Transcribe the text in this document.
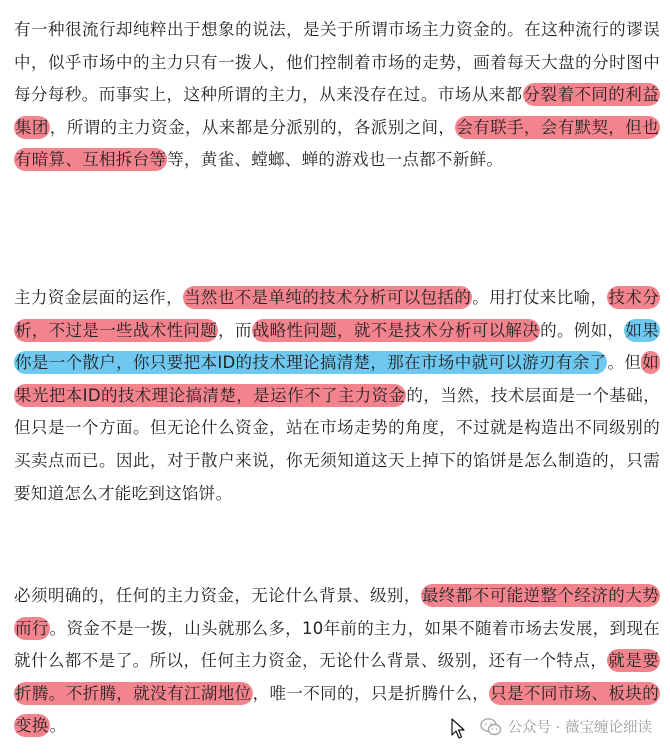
有一种很流行却纯粹出于想象的说法，是关于所谓市场主力资金的。在这种流行的谬误中，似乎市场中的主力只有一拨人，他们控制着市场的走势，画着每天大盘的分时图中每分每秒。而事实上，这种所谓的主力，从来没存在过。市场从来都分裂着不同的利益集团，所谓的主力资金，从来都是分派别的，各派别之间，会有联手，会有默契，但也有暗算、互相拆台等等，黄雀、螳螂、蝉的游戏也一点都不新鲜。
主力资金层面的运作，当然也不是单纯的技术分析可以包括的。用打仗来比喻，技术分析，不过是一些战术性问题，而战略性问题，就不是技术分析可以解决的。例如，如果你是一个散户，你只要把本ID的技术理论搞清楚，那在市场中就可以游刃有余了。但如果光把本ID的技术理论搞清楚，是运作不了主力资金的，当然，技术层面是一个基础，但只是一个方面。但无论什么资金，站在市场走势的角度，不过就是构造出不同级别的买卖点而已。因此，对于散户来说，你无须知道这天上掉下的馅饼是怎么制造的，只需要知道怎么才能吃到这馅饼。
必须明确的，任何的主力资金，无论什么背景、级别，最终都不可能逆整个经济的大势而行。资金不是一拨，山头就那么多，10年前的主力，如果不随着市场去发展，到现在就什么都不是了。所以，任何主力资金，无论什么背景、级别，还有一个特点，就是要折腾。不折腾，就没有江湖地位，唯一不同的，只是折腾什么，只是不同市场、板块的变换。	公众号 · 薇宝缠论细读
